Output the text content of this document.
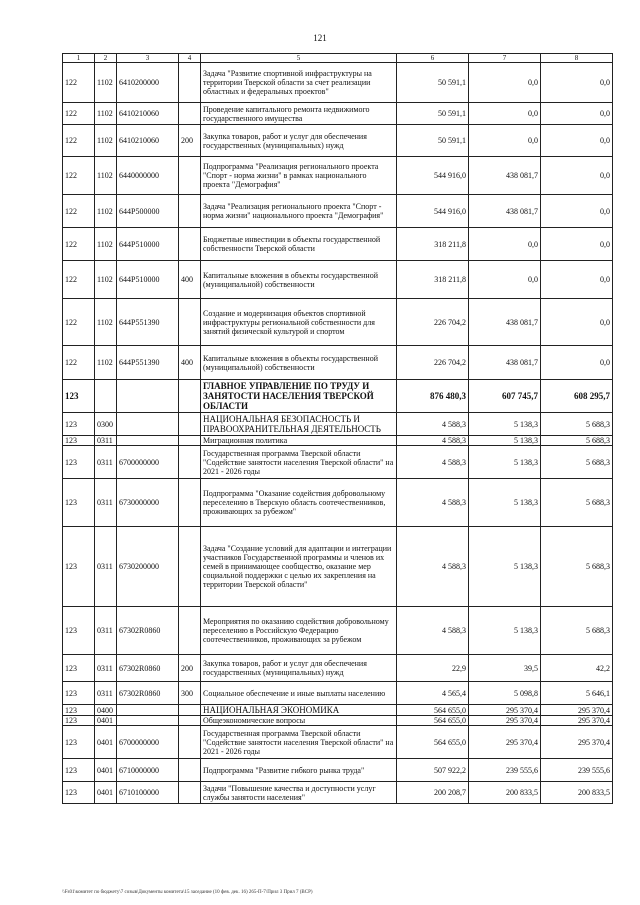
121
1	2	3	4	5	6	7	8
122	1102	6410200000		Задача "Развитие спортивной инфраструктуры на территории Тверской области за счет реализации областных и федеральных проектов"	50 591,1	0,0	0,0
122	1102	6410210060		Проведение капитального ремонта недвижимого государственного имущества	50 591,1	0,0	0,0
122	1102	6410210060	200	Закупка товаров, работ и услуг для обеспечения государственных (муниципальных) нужд	50 591,1	0,0	0,0
122	1102	6440000000		Подпрограмма "Реализация регионального проекта "Спорт - норма жизни" в рамках национального проекта "Демография"	544 916,0	438 081,7	0,0
122	1102	644P500000		Задача "Реализация регионального проекта "Спорт - норма жизни" национального проекта "Демография"	544 916,0	438 081,7	0,0
122	1102	644P510000		Бюджетные инвестиции в объекты государственной собственности Тверской области	318 211,8	0,0	0,0
122	1102	644P510000	400	Капитальные вложения в объекты государственной (муниципальной) собственности	318 211,8	0,0	0,0
122	1102	644P551390		Создание и модернизация объектов спортивной инфраструктуры региональной собственности для занятий физической культурой и спортом	226 704,2	438 081,7	0,0
122	1102	644P551390	400	Капитальные вложения в объекты государственной (муниципальной) собственности	226 704,2	438 081,7	0,0
123				ГЛАВНОЕ УПРАВЛЕНИЕ ПО ТРУДУ И ЗАНЯТОСТИ НАСЕЛЕНИЯ ТВЕРСКОЙ ОБЛАСТИ	876 480,3	607 745,7	608 295,7
123	0300			НАЦИОНАЛЬНАЯ БЕЗОПАСНОСТЬ И ПРАВООХРАНИТЕЛЬНАЯ ДЕЯТЕЛЬНОСТЬ	4 588,3	5 138,3	5 688,3
123	0311			Миграционная политика	4 588,3	5 138,3	5 688,3
123	0311	6700000000		Государственная программа Тверской области "Содействие занятости населения Тверской области" на 2021 - 2026 годы	4 588,3	5 138,3	5 688,3
123	0311	6730000000		Подпрограмма "Оказание содействия добровольному переселению в Тверскую область соотечественников, проживающих за рубежом"	4 588,3	5 138,3	5 688,3
123	0311	6730200000		Задача "Создание условий для адаптации и интеграции участников Государственной программы и членов их семей в принимающее сообщество, оказание мер социальной поддержки с целью их закрепления на территории Тверской области"	4 588,3	5 138,3	5 688,3
123	0311	67302R0860		Мероприятия по оказанию содействия добровольному переселению в Российскую Федерацию соотечественников, проживающих за рубежом	4 588,3	5 138,3	5 688,3
123	0311	67302R0860	200	Закупка товаров, работ и услуг для обеспечения государственных (муниципальных) нужд	22,9	39,5	42,2
123	0311	67302R0860	300	Социальное обеспечение и иные выплаты населению	4 565,4	5 098,8	5 646,1
123	0400			НАЦИОНАЛЬНАЯ ЭКОНОМИКА	564 655,0	295 370,4	295 370,4
123	0401			Общеэкономические вопросы	564 655,0	295 370,4	295 370,4
123	0401	6700000000		Государственная программа Тверской области "Содействие занятости населения Тверской области" на 2021 - 2026 годы	564 655,0	295 370,4	295 370,4
123	0401	6710000000		Подпрограмма "Развитие гибкого рынка труда"	507 922,2	239 555,6	239 555,6
123	0401	6710100000		Задачи "Повышение качества и доступности услуг службы занятости населения"	200 208,7	200 833,5	200 833,5
\\Fs01\комитет по бюджету\7 созыв\Документы комитета\15 заседание (10 фев. дек. 16) 265-П-7\Прил 3 Прил 7 (ВСР)
